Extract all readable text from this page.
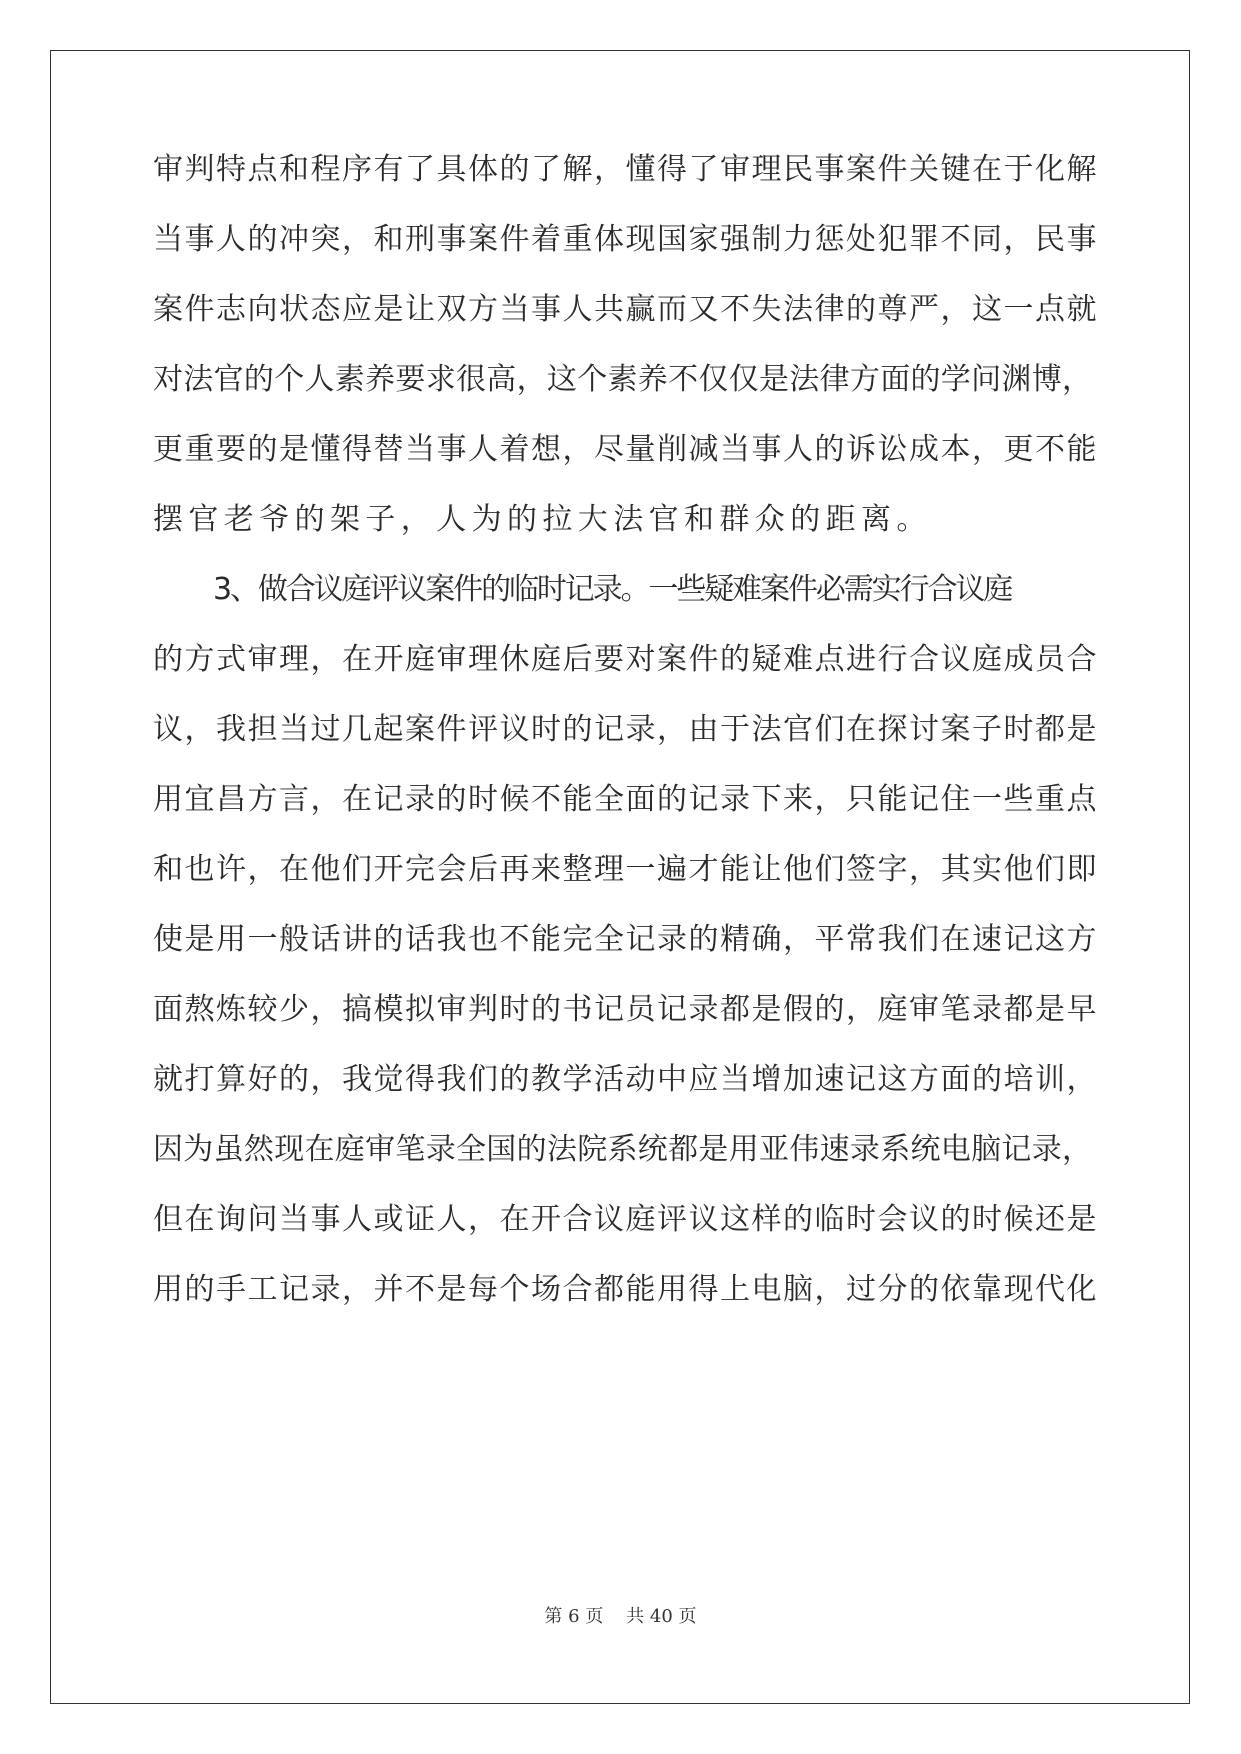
审判特点和程序有了具体的了解，懂得了审理民事案件关键在于化解
当事人的冲突，和刑事案件着重体现国家强制力惩处犯罪不同，民事
案件志向状态应是让双方当事人共赢而又不失法律的尊严，这一点就
对法官的个人素养要求很高，这个素养不仅仅是法律方面的学问渊博，
更重要的是懂得替当事人着想，尽量削减当事人的诉讼成本，更不能
摆官老爷的架子，人为的拉大法官和群众的距离。
3、做合议庭评议案件的临时记录。一些疑难案件必需实行合议庭
的方式审理，在开庭审理休庭后要对案件的疑难点进行合议庭成员合
议，我担当过几起案件评议时的记录，由于法官们在探讨案子时都是
用宜昌方言，在记录的时候不能全面的记录下来，只能记住一些重点
和也许，在他们开完会后再来整理一遍才能让他们签字，其实他们即
使是用一般话讲的话我也不能完全记录的精确，平常我们在速记这方
面熬炼较少，搞模拟审判时的书记员记录都是假的，庭审笔录都是早
就打算好的，我觉得我们的教学活动中应当增加速记这方面的培训，
因为虽然现在庭审笔录全国的法院系统都是用亚伟速录系统电脑记录，
但在询问当事人或证人，在开合议庭评议这样的临时会议的时候还是
用的手工记录，并不是每个场合都能用得上电脑，过分的依靠现代化
第 6 页    共 40 页
